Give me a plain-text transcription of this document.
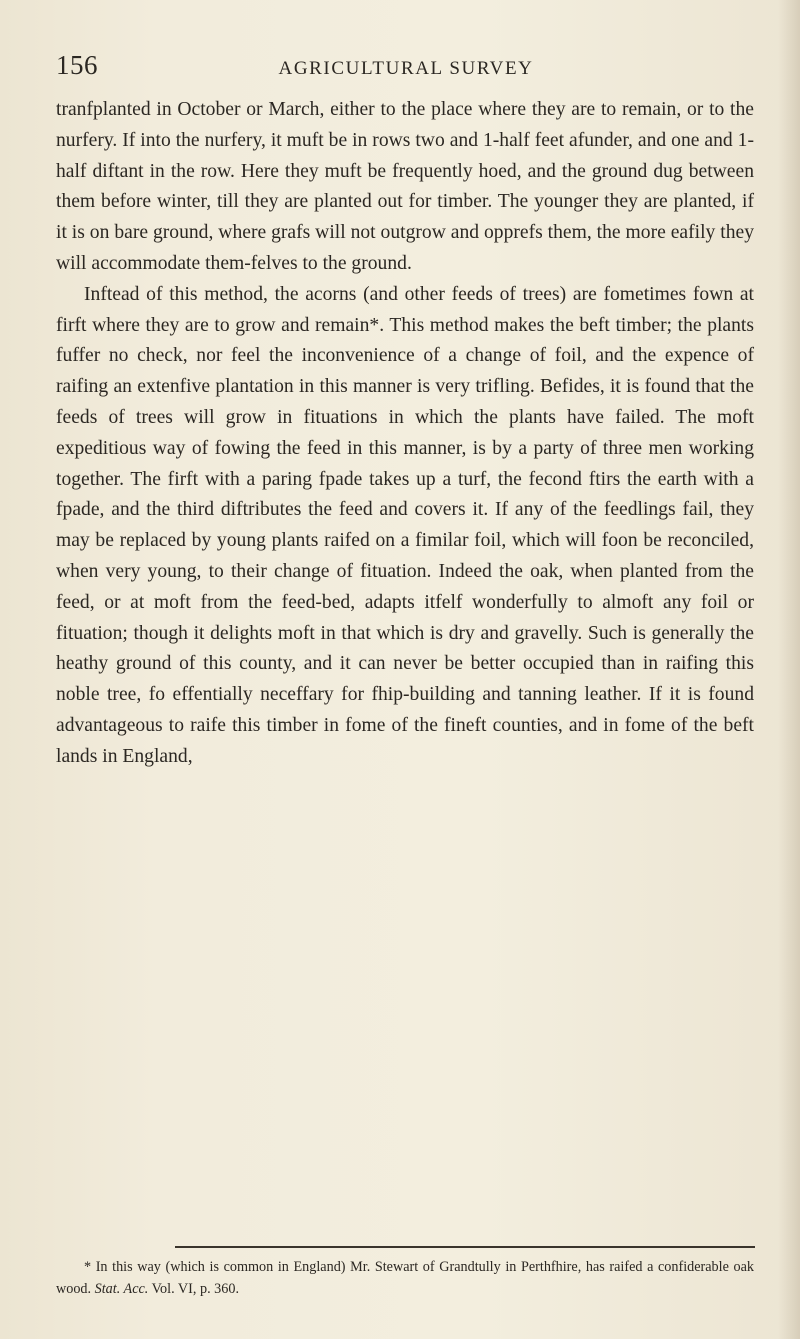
156	AGRICULTURAL SURVEY

tranfplanted in October or March, either to the place where they are to remain, or to the nurfery. If into the nurfery, it muft be in rows two and 1-half feet afunder, and one and 1-half diftant in the row. Here they muft be frequently hoed, and the ground dug between them before winter, till they are planted out for timber. The younger they are planted, if it is on bare ground, where grafs will not outgrow and opprefs them, the more eafily they will accommodate them-felves to the ground.

Inftead of this method, the acorns (and other feeds of trees) are fometimes fown at firft where they are to grow and remain*. This method makes the beft timber; the plants fuffer no check, nor feel the inconvenience of a change of foil, and the expence of raifing an extenfive plantation in this manner is very trifling. Befides, it is found that the feeds of trees will grow in fituations in which the plants have failed. The moft expeditious way of fowing the feed in this manner, is by a party of three men working together. The firft with a paring fpade takes up a turf, the fecond ftirs the earth with a fpade, and the third diftributes the feed and covers it. If any of the feedlings fail, they may be replaced by young plants raifed on a fimilar foil, which will foon be reconciled, when very young, to their change of fituation. Indeed the oak, when planted from the feed, or at moft from the feed-bed, adapts itfelf wonderfully to almoft any foil or fituation; though it delights moft in that which is dry and gravelly. Such is generally the heathy ground of this county, and it can never be better occupied than in raifing this noble tree, fo effentially neceffary for fhip-building and tanning leather. If it is found advantageous to raife this timber in fome of the fineft counties, and in fome of the beft lands in England,

* In this way (which is common in England) Mr. Stewart of Grandtully in Perthfhire, has raifed a confiderable oak wood. Stat. Acc. Vol. VI, p. 360.
